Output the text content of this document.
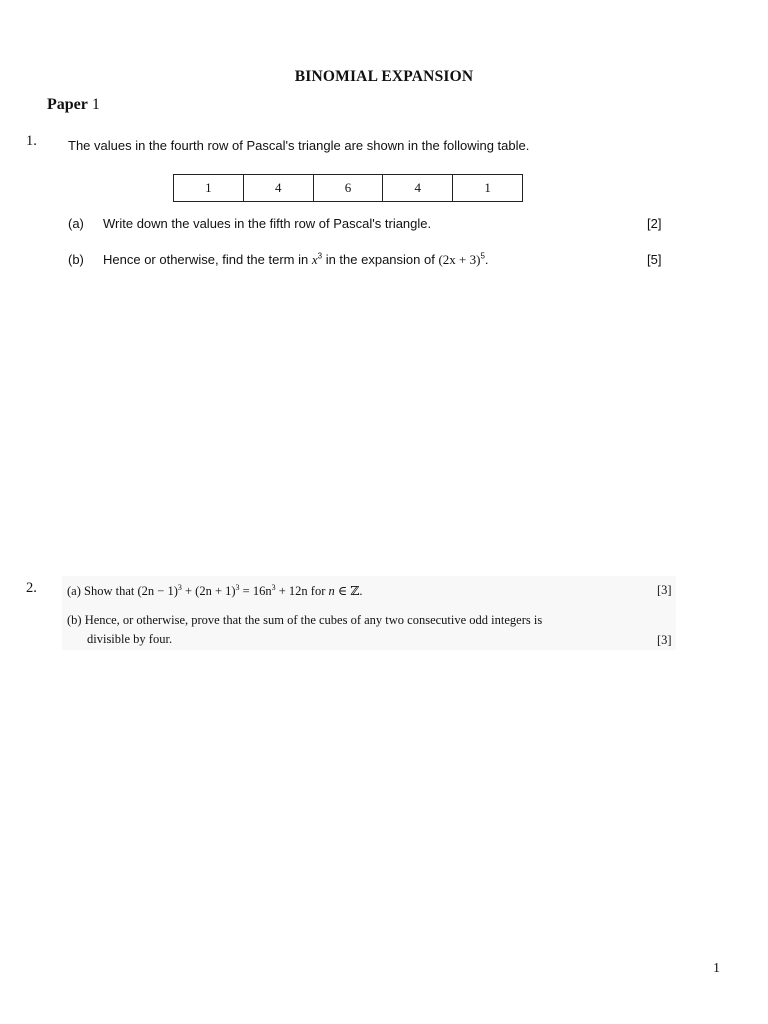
BINOMIAL EXPANSION
Paper 1
1. The values in the fourth row of Pascal's triangle are shown in the following table.
1	4	6	4	1
(a) Write down the values in the fifth row of Pascal's triangle.	[2]
(b) Hence or otherwise, find the term in $x^3$ in the expansion of $(2x + 3)^5$.	[5]
2. (a) Show that $(2n - 1)^3 + (2n + 1)^3 = 16n^3 + 12n$ for n ∈ ℤ.	[3]
(b) Hence, or otherwise, prove that the sum of the cubes of any two consecutive odd integers is
divisible by four.	[3]
1
